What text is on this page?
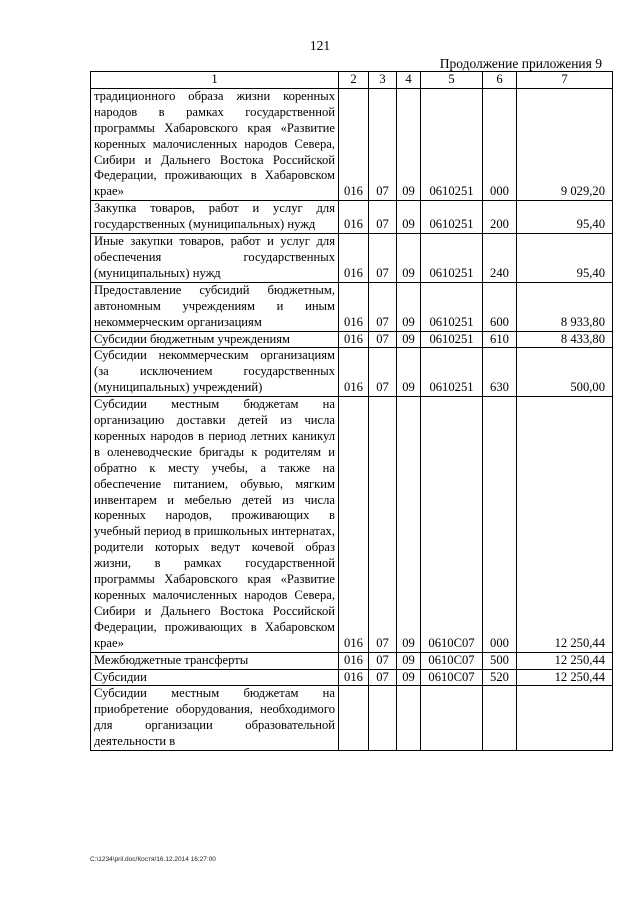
121
Продолжение приложения 9
1	2	3	4	5	6	7
традиционного образа жизни коренных народов в рамках государственной программы Хабаровского края «Развитие коренных малочисленных народов Севера, Сибири и Дальнего Востока Российской Федерации, проживающих в Хабаровском крае»	016	07	09	0610251	000	9 029,20
Закупка товаров, работ и услуг для государственных (муниципальных) нужд	016	07	09	0610251	200	95,40
Иные закупки товаров, работ и услуг для обеспечения государственных (муниципальных) нужд	016	07	09	0610251	240	95,40
Предоставление субсидий бюджетным, автономным учреждениям и иным некоммерческим организациям	016	07	09	0610251	600	8 933,80
Субсидии бюджетным учреждениям	016	07	09	0610251	610	8 433,80
Субсидии некоммерческим организациям (за исключением государственных (муниципальных) учреждений)	016	07	09	0610251	630	500,00
Субсидии местным бюджетам на организацию доставки детей из числа коренных народов в период летних каникул в оленеводческие бригады к родителям и обратно к месту учебы, а также на обеспечение питанием, обувью, мягким инвентарем и мебелью детей из числа коренных народов, проживающих в учебный период в пришкольных интернатах, родители которых ведут кочевой образ жизни, в рамках государственной программы Хабаровского края «Развитие коренных малочисленных народов Севера, Сибири и Дальнего Востока Российской Федерации, проживающих в Хабаровском крае»	016	07	09	0610С07	000	12 250,44
Межбюджетные трансферты	016	07	09	0610С07	500	12 250,44
Субсидии	016	07	09	0610С07	520	12 250,44
Субсидии местным бюджетам на приобретение оборудования, необходимого для организации образовательной деятельности в						
C:\1234\pril.doc/Костя/16.12.2014 16:27:00
